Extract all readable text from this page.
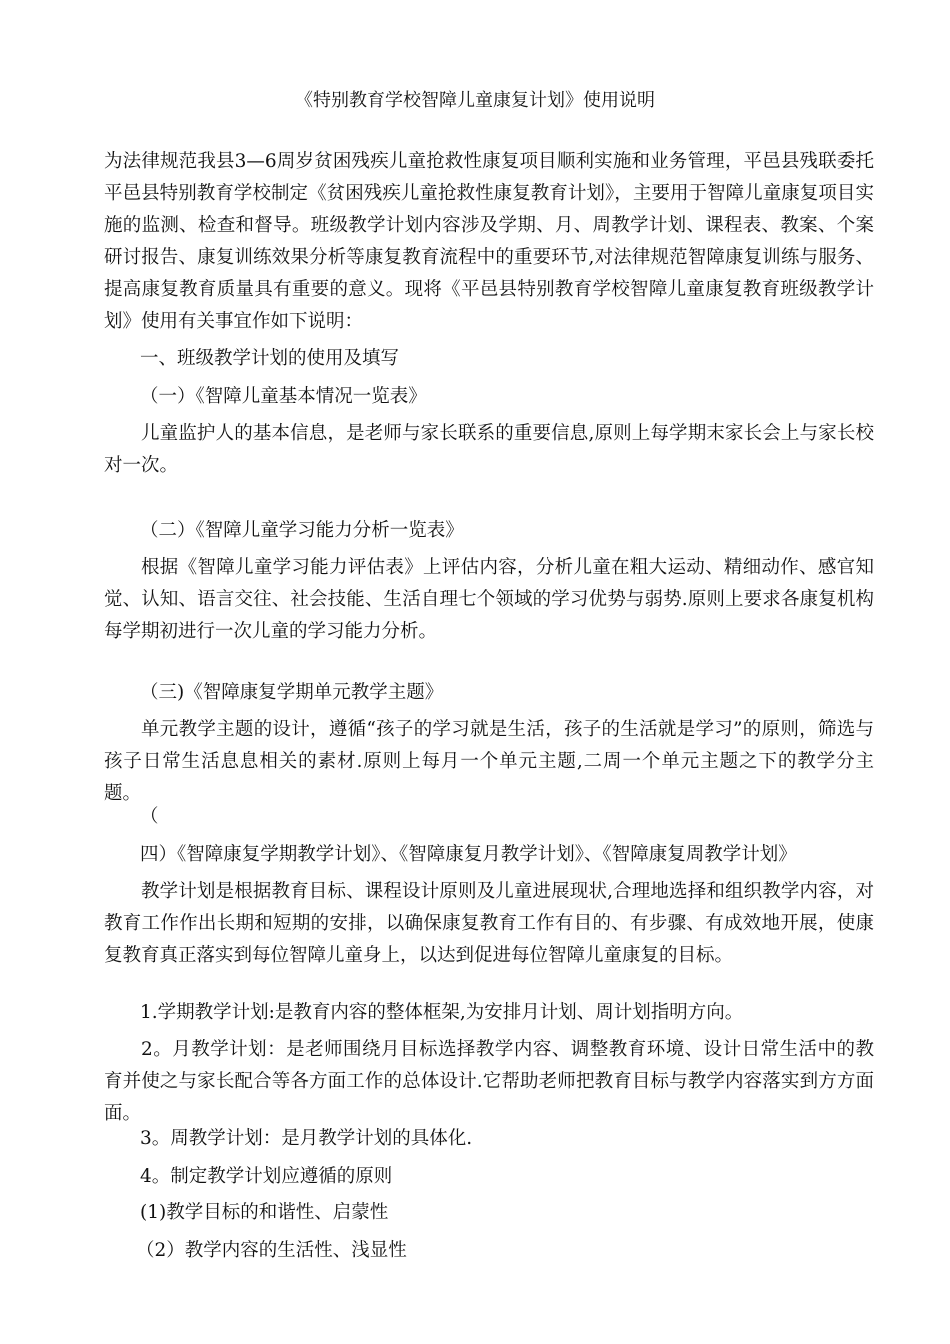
《特别教育学校智障儿童康复计划》使用说明

为法律规范我县3—6周岁贫困残疾儿童抢救性康复项目顺利实施和业务管理，平邑县残联委托平邑县特别教育学校制定《贫困残疾儿童抢救性康复教育计划》，主要用于智障儿童康复项目实施的监测、检查和督导。班级教学计划内容涉及学期、月、周教学计划、课程表、教案、个案研讨报告、康复训练效果分析等康复教育流程中的重要环节,对法律规范智障康复训练与服务、提高康复教育质量具有重要的意义。现将《平邑县特别教育学校智障儿童康复教育班级教学计划》使用有关事宜作如下说明：

一、班级教学计划的使用及填写
（一）《智障儿童基本情况一览表》

儿童监护人的基本信息，是老师与家长联系的重要信息,原则上每学期末家长会上与家长校对一次。

（二）《智障儿童学习能力分析一览表》

根据《智障儿童学习能力评估表》上评估内容，分析儿童在粗大运动、精细动作、感官知觉、认知、语言交往、社会技能、生活自理七个领域的学习优势与弱势.原则上要求各康复机构每学期初进行一次儿童的学习能力分析。

（三)《智障康复学期单元教学主题》

单元教学主题的设计，遵循“孩子的学习就是生活，孩子的生活就是学习”的原则，筛选与孩子日常生活息息相关的素材.原则上每月一个单元主题,二周一个单元主题之下的教学分主题。

（
四）《智障康复学期教学计划》、《智障康复月教学计划》、《智障康复周教学计划》

教学计划是根据教育目标、课程设计原则及儿童进展现状,合理地选择和组织教学内容，对教育工作作出长期和短期的安排，以确保康复教育工作有目的、有步骤、有成效地开展，使康复教育真正落实到每位智障儿童身上，以达到促进每位智障儿童康复的目标。

1.学期教学计划:是教育内容的整体框架,为安排月计划、周计划指明方向。

2。月教学计划：是老师围绕月目标选择教学内容、调整教育环境、设计日常生活中的教育并使之与家长配合等各方面工作的总体设计.它帮助老师把教育目标与教学内容落实到方方面面。

3。周教学计划：是月教学计划的具体化.
4。制定教学计划应遵循的原则
(1)教学目标的和谐性、启蒙性
（2）教学内容的生活性、浅显性
